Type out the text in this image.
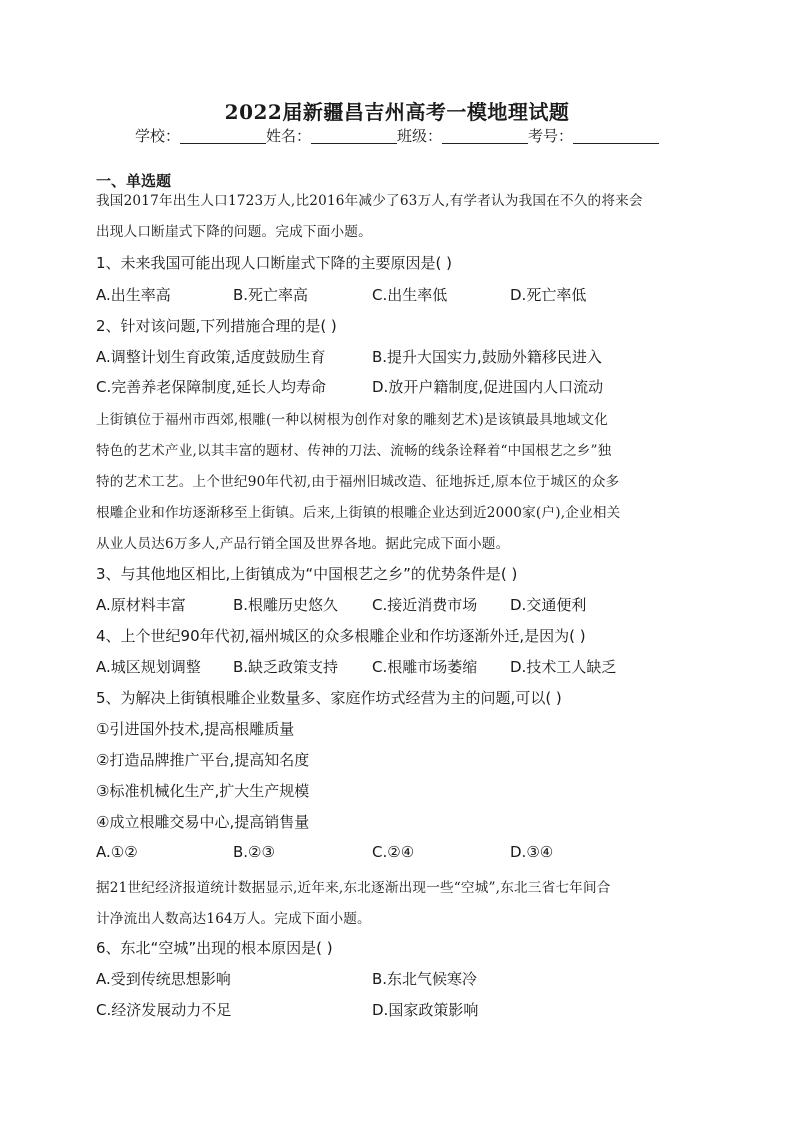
2022届新疆昌吉州高考一模地理试题
学校：	姓名：	班级：	考号：
一、单选题
我国2017年出生人口1723万人,比2016年减少了63万人,有学者认为我国在不久的将来会
出现人口断崖式下降的问题。完成下面小题。
1、未来我国可能出现人口断崖式下降的主要原因是( )
A.出生率高	B.死亡率高	C.出生率低	D.死亡率低
2、针对该问题,下列措施合理的是( )
A.调整计划生育政策,适度鼓励生育	B.提升大国实力,鼓励外籍移民进入
C.完善养老保障制度,延长人均寿命	D.放开户籍制度,促进国内人口流动
上街镇位于福州市西郊,根雕(一种以树根为创作对象的雕刻艺术)是该镇最具地域文化
特色的艺术产业,以其丰富的题材、传神的刀法、流畅的线条诠释着“中国根艺之乡”独
特的艺术工艺。上个世纪90年代初,由于福州旧城改造、征地拆迁,原本位于城区的众多
根雕企业和作坊逐渐移至上街镇。后来,上街镇的根雕企业达到近2000家(户),企业相关
从业人员达6万多人,产品行销全国及世界各地。据此完成下面小题。
3、与其他地区相比,上街镇成为“中国根艺之乡”的优势条件是( )
A.原材料丰富	B.根雕历史悠久 C.接近消费市场 D.交通便利
4、上个世纪90年代初,福州城区的众多根雕企业和作坊逐渐外迁,是因为( )
A.城区规划调整 B.缺乏政策支持 C.根雕市场萎缩 D.技术工人缺乏
5、为解决上街镇根雕企业数量多、家庭作坊式经营为主的问题,可以( )
①引进国外技术,提高根雕质量
②打造品牌推广平台,提高知名度
③标准机械化生产,扩大生产规模
④成立根雕交易中心,提高销售量
A.①②	B.②③	C.②④	D.③④
据21世纪经济报道统计数据显示,近年来,东北逐渐出现一些“空城”,东北三省七年间合
计净流出人数高达164万人。完成下面小题。
6、东北“空城”出现的根本原因是( )
A.受到传统思想影响	B.东北气候寒冷
C.经济发展动力不足	D.国家政策影响
